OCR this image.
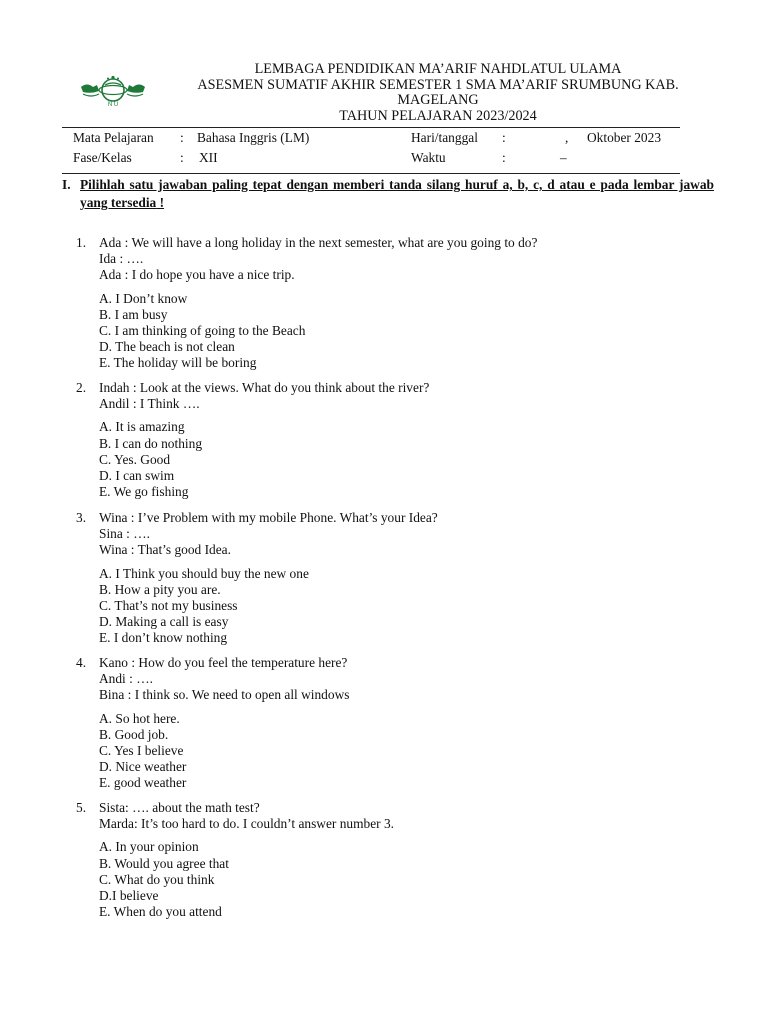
N U
LEMBAGA PENDIDIKAN MA’ARIF NAHDLATUL ULAMA
ASESMEN SUMATIF AKHIR SEMESTER 1 SMA MA’ARIF SRUMBUNG KAB.
MAGELANG
TAHUN PELAJARAN 2023/2024
Mata Pelajaran : Bahasa Inggris (LM)	Hari/tanggal :	, Oktober 2023
Fase/Kelas	: XII	Waktu	:	–
I. Pilihlah satu jawaban paling tepat dengan memberi tanda silang huruf a, b, c, d atau e pada lembar jawab yang tersedia !
1. Ada : We will have a long holiday in the next semester, what are you going to do?
Ida : ….
Ada : I do hope you have a nice trip.
A. I Don’t know
B. I am busy
C. I am thinking of going to the Beach
D. The beach is not clean
E. The holiday will be boring
2. Indah : Look at the views. What do you think about the river?
Andil : I Think ….
A. It is amazing
B. I can do nothing
C. Yes. Good
D. I can swim
E. We go fishing
3. Wina : I’ve Problem with my mobile Phone. What’s your Idea?
Sina : ….
Wina : That’s good Idea.
A. I Think you should buy the new one
B. How a pity you are.
C. That’s not my business
D. Making a call is easy
E. I don’t know nothing
4. Kano : How do you feel the temperature here?
Andi : ….
Bina : I think so. We need to open all windows
A. So hot here.
B. Good job.
C. Yes I believe
D. Nice weather
E. good weather
5. Sista: …. about the math test?
Marda: It’s too hard to do. I couldn’t answer number 3.
A. In your opinion
B. Would you agree that
C. What do you think
D.I believe
E. When do you attend
